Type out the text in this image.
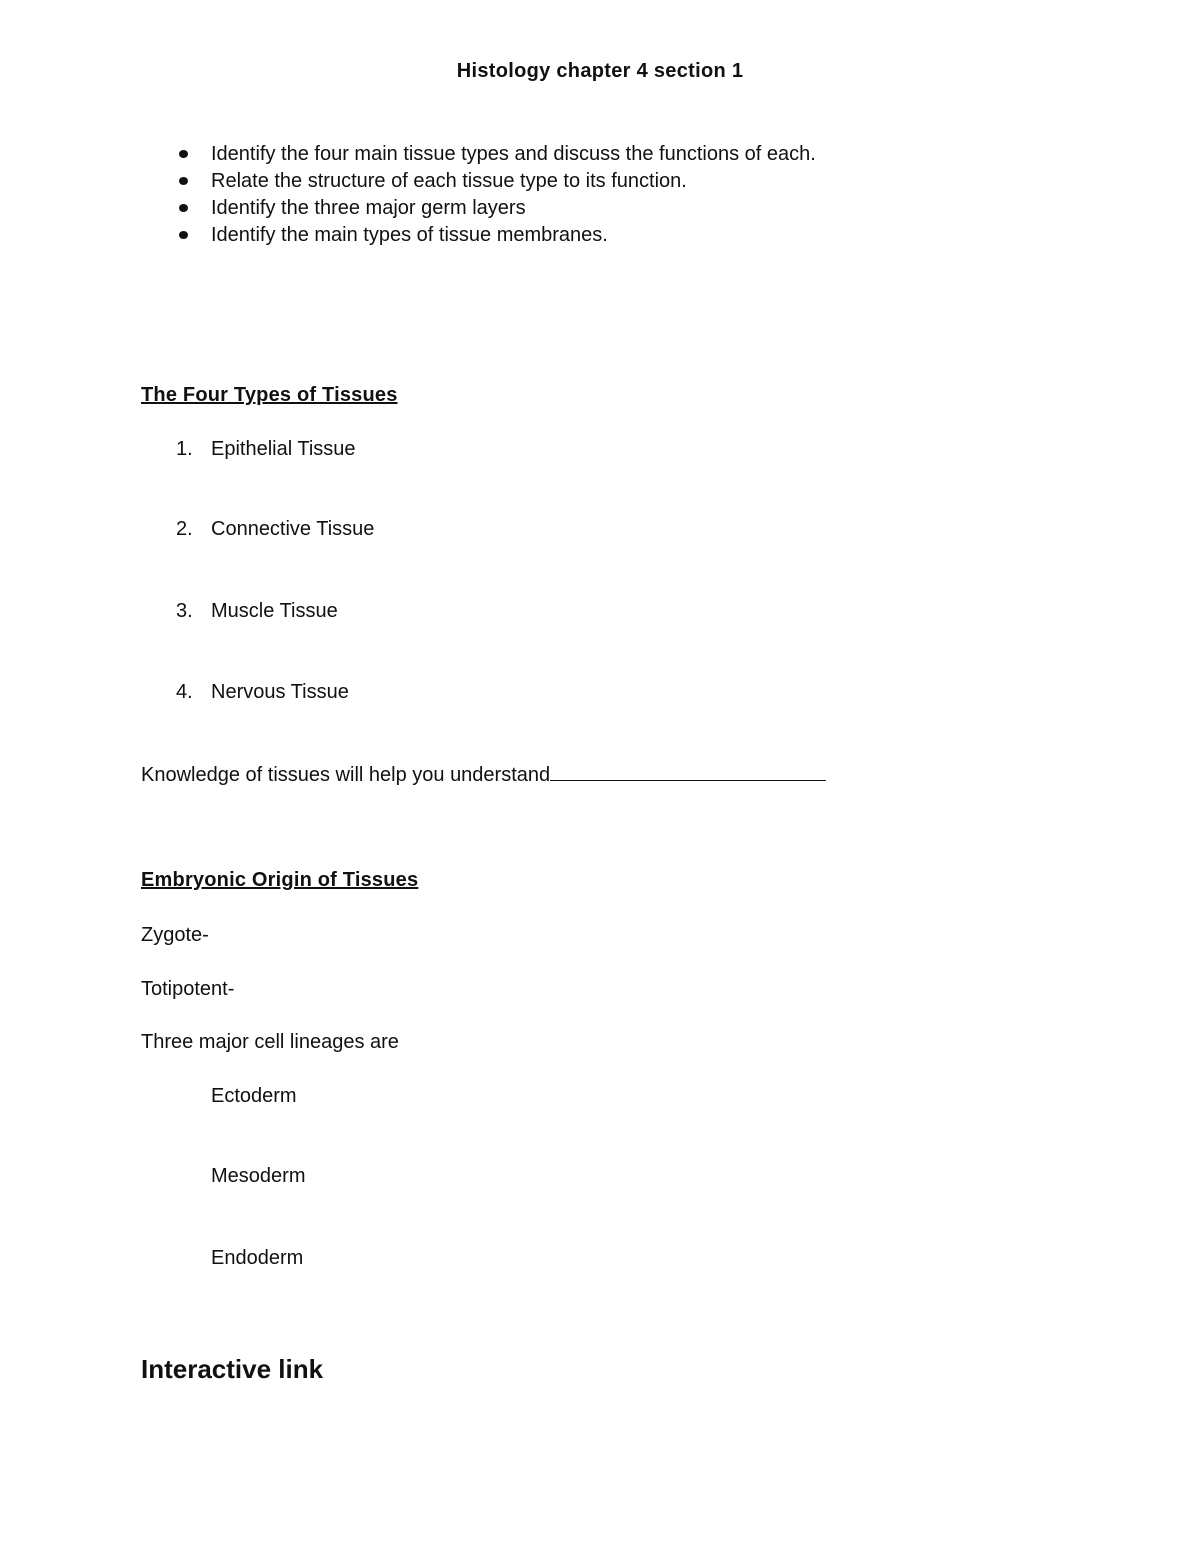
Histology chapter 4 section 1
Identify the four main tissue types and discuss the functions of each.
Relate the structure of each tissue type to its function.
Identify the three major germ layers
Identify the main types of tissue membranes.
The Four Types of Tissues
1. Epithelial Tissue
2. Connective Tissue
3. Muscle Tissue
4. Nervous Tissue
Knowledge of tissues will help you understand
Embryonic Origin of Tissues
Zygote-
Totipotent-
Three major cell lineages are
Ectoderm
Mesoderm
Endoderm
Interactive link
